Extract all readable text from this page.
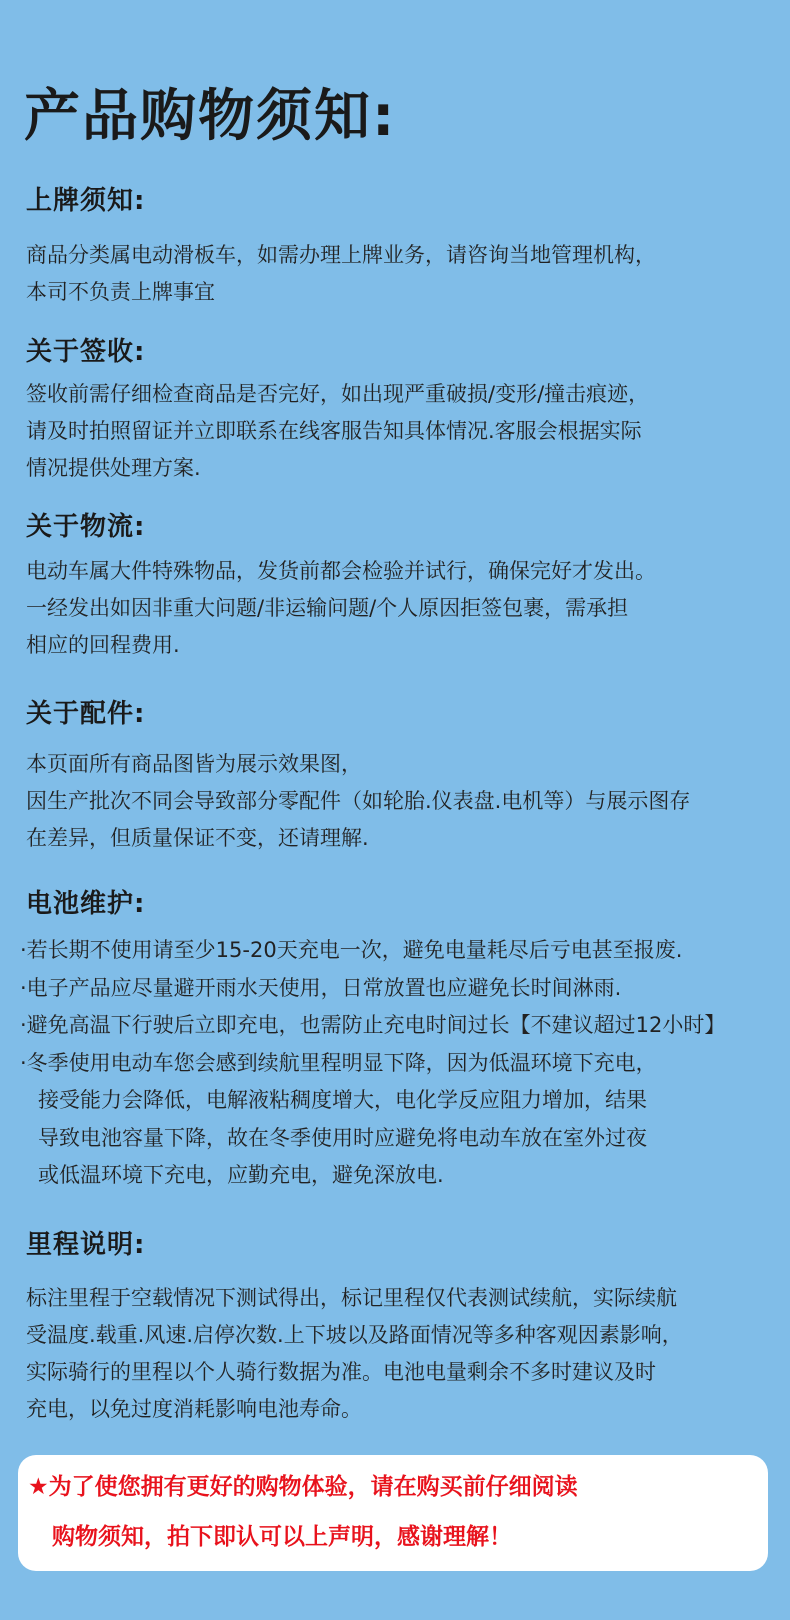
产品购物须知:
上牌须知:
商品分类属电动滑板车，如需办理上牌业务，请咨询当地管理机构，
本司不负责上牌事宜
关于签收:
签收前需仔细检查商品是否完好，如出现严重破损/变形/撞击痕迹，
请及时拍照留证并立即联系在线客服告知具体情况.客服会根据实际
情况提供处理方案.
关于物流:
电动车属大件特殊物品，发货前都会检验并试行，确保完好才发出。
一经发出如因非重大问题/非运输问题/个人原因拒签包裹，需承担
相应的回程费用.
关于配件:
本页面所有商品图皆为展示效果图，
因生产批次不同会导致部分零配件（如轮胎.仪表盘.电机等）与展示图存
在差异，但质量保证不变，还请理解.
电池维护:
·若长期不使用请至少15-20天充电一次，避免电量耗尽后亏电甚至报废.
·电子产品应尽量避开雨水天使用，日常放置也应避免长时间淋雨.
·避免高温下行驶后立即充电，也需防止充电时间过长【不建议超过12小时】
·冬季使用电动车您会感到续航里程明显下降，因为低温环境下充电，
接受能力会降低，电解液粘稠度增大，电化学反应阻力增加，结果
导致电池容量下降，故在冬季使用时应避免将电动车放在室外过夜
或低温环境下充电，应勤充电，避免深放电.
里程说明:
标注里程于空载情况下测试得出，标记里程仅代表测试续航，实际续航
受温度.载重.风速.启停次数.上下坡以及路面情况等多种客观因素影响，
实际骑行的里程以个人骑行数据为准。电池电量剩余不多时建议及时
充电，以免过度消耗影响电池寿命。
★为了使您拥有更好的购物体验，请在购买前仔细阅读
购物须知，拍下即认可以上声明，感谢理解！
